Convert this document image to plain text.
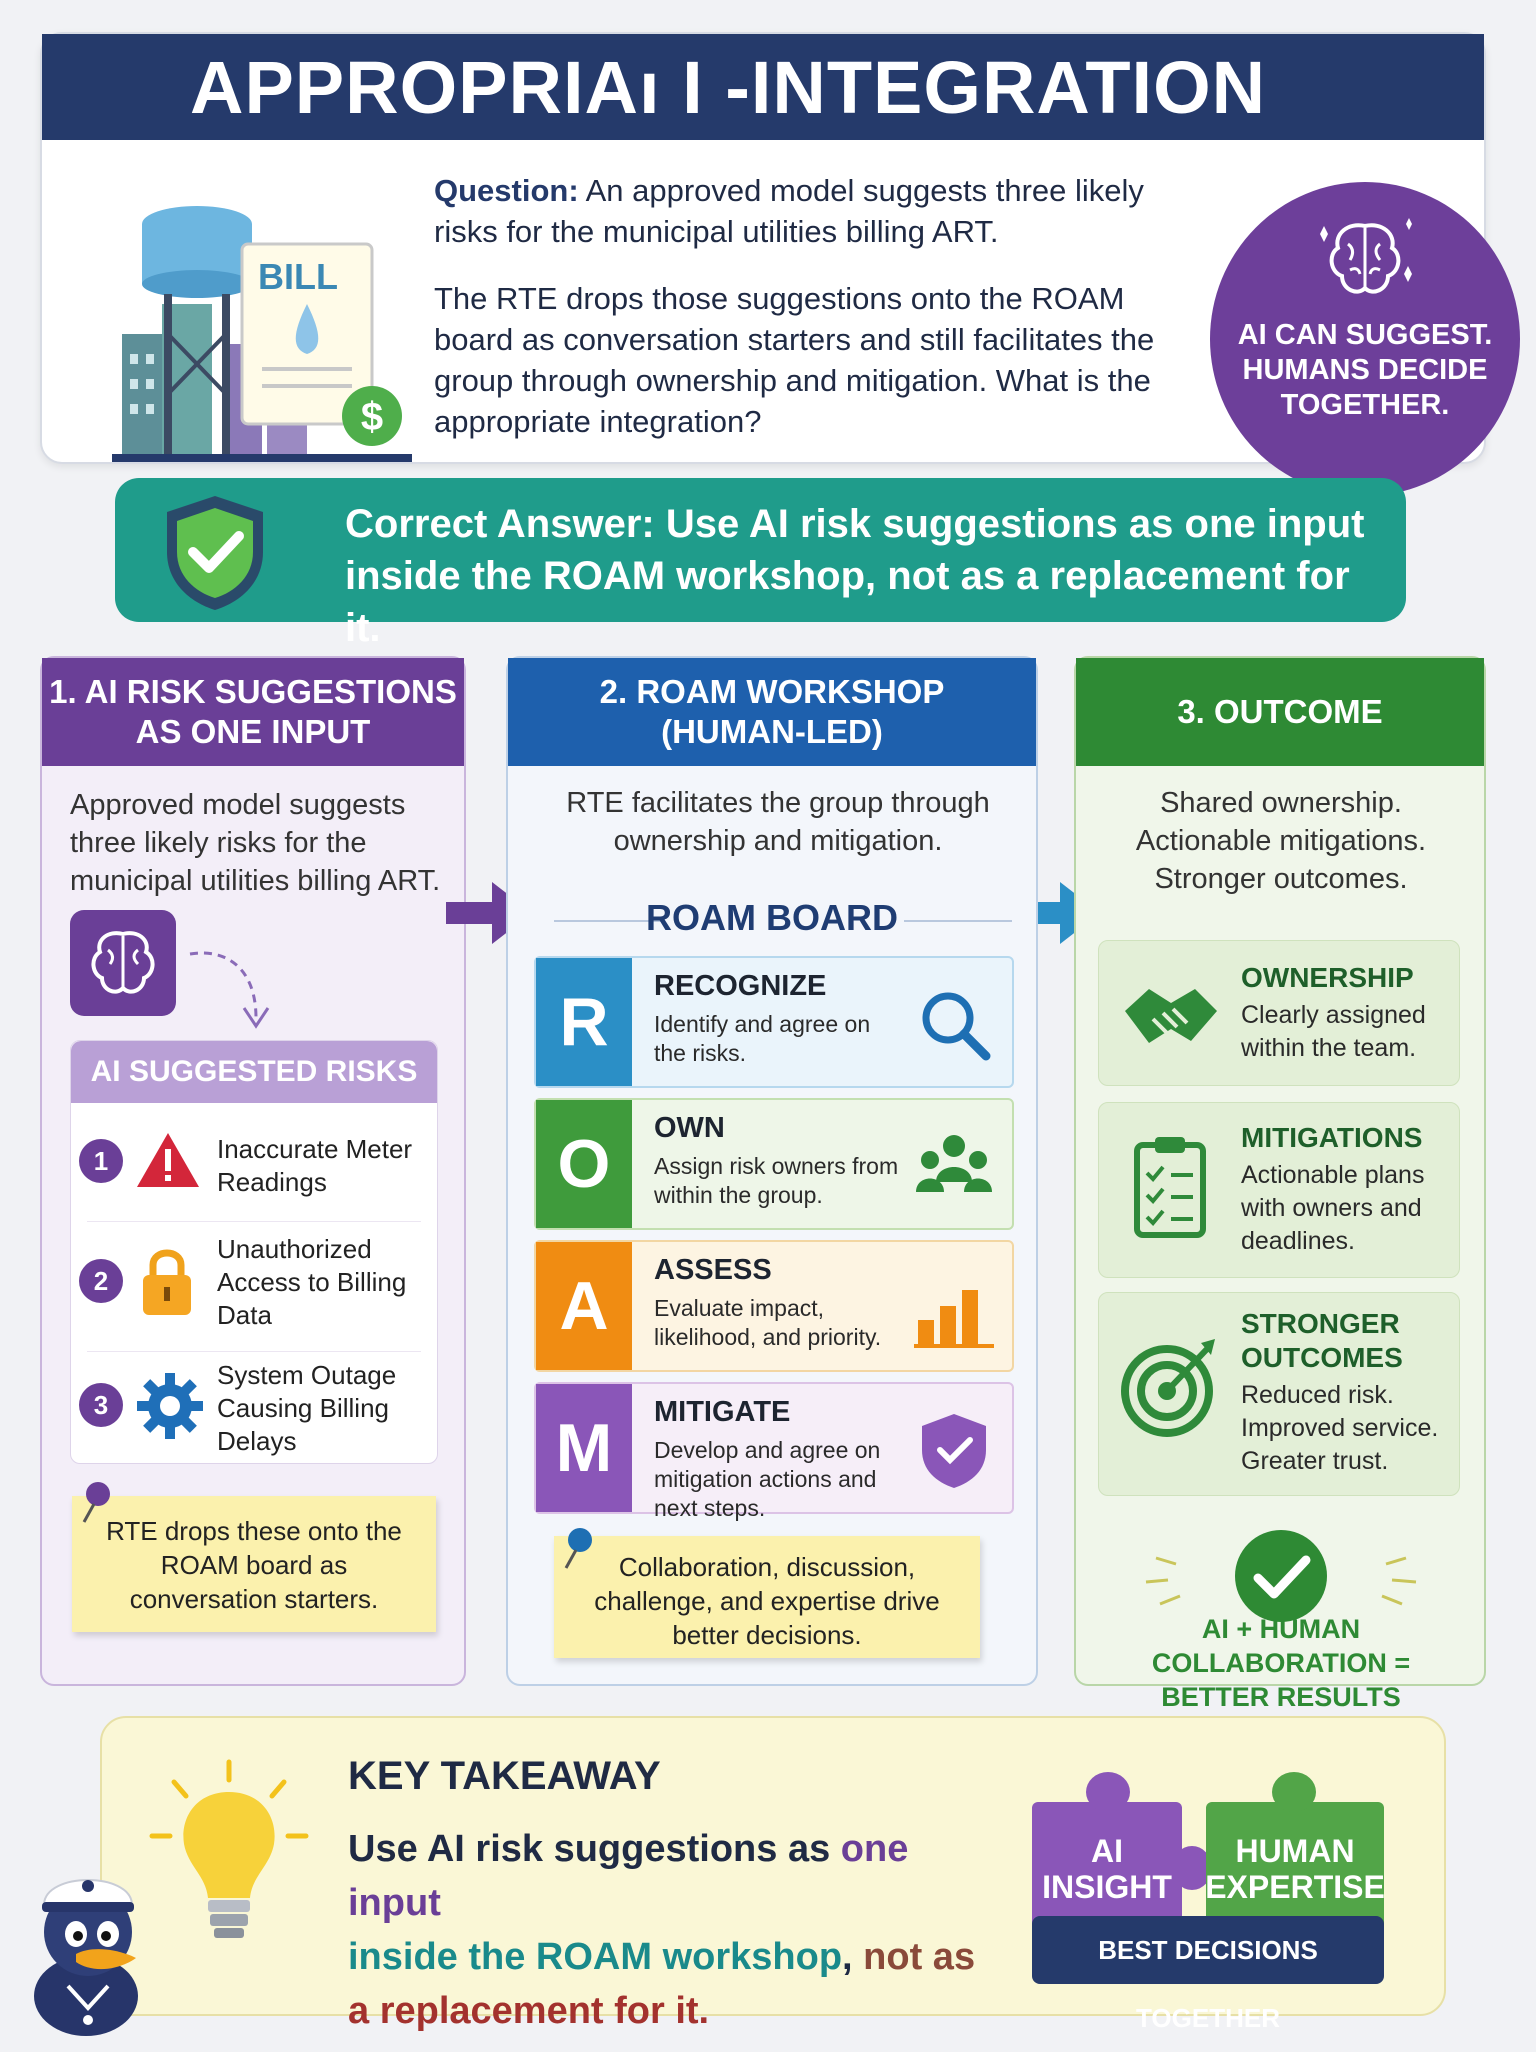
APPROPRIAı I -INTEGRATION
$
BILL

Question: An approved model suggests three likely risks for the municipal utilities billing ART.

The RTE drops those suggestions onto the ROAM board as conversation starters and still facilitates the group through ownership and mitigation. What is the appropriate integration?

AI CAN SUGGEST. HUMANS DECIDE TOGETHER.
Correct Answer: Use AI risk suggestions as one input inside the ROAM workshop, not as a replacement for it.
1. AI RISK SUGGESTIONS AS ONE INPUT
Approved model suggests three likely risks for the municipal utilities billing ART.
AI SUGGESTED RISKS
1	Inaccurate Meter Readings
2
Unauthorized Access to Billing Data
3
System Outage Causing Billing Delays
RTE drops these onto the ROAM board as conversation starters.
2. ROAM WORKSHOP (HUMAN-LED)
RTE facilitates the group through ownership and mitigation.
ROAM BOARD
R	RECOGNIZE
Identify and agree on the risks.
O	OWN
Assign risk owners from within the group.
A	ASSESS
Evaluate impact, likelihood, and priority.
M	MITIGATE
Develop and agree on mitigation actions and next steps.
Collaboration, discussion, challenge, and expertise drive better decisions.
3. OUTCOME
Shared ownership. Actionable mitigations. Stronger outcomes.
OWNERSHIP
Clearly assigned within the team.
MITIGATIONS
Actionable plans with owners and deadlines.
STRONGER OUTCOMES
Reduced risk. Improved service. Greater trust.
AI + HUMAN COLLABORATION = BETTER RESULTS
KEY TAKEAWAY
Use AI risk suggestions as one input
inside the ROAM workshop, not as
a replacement for it.
AI INSIGHT
HUMAN EXPERTISE
BEST DECISIONS TOGETHER
